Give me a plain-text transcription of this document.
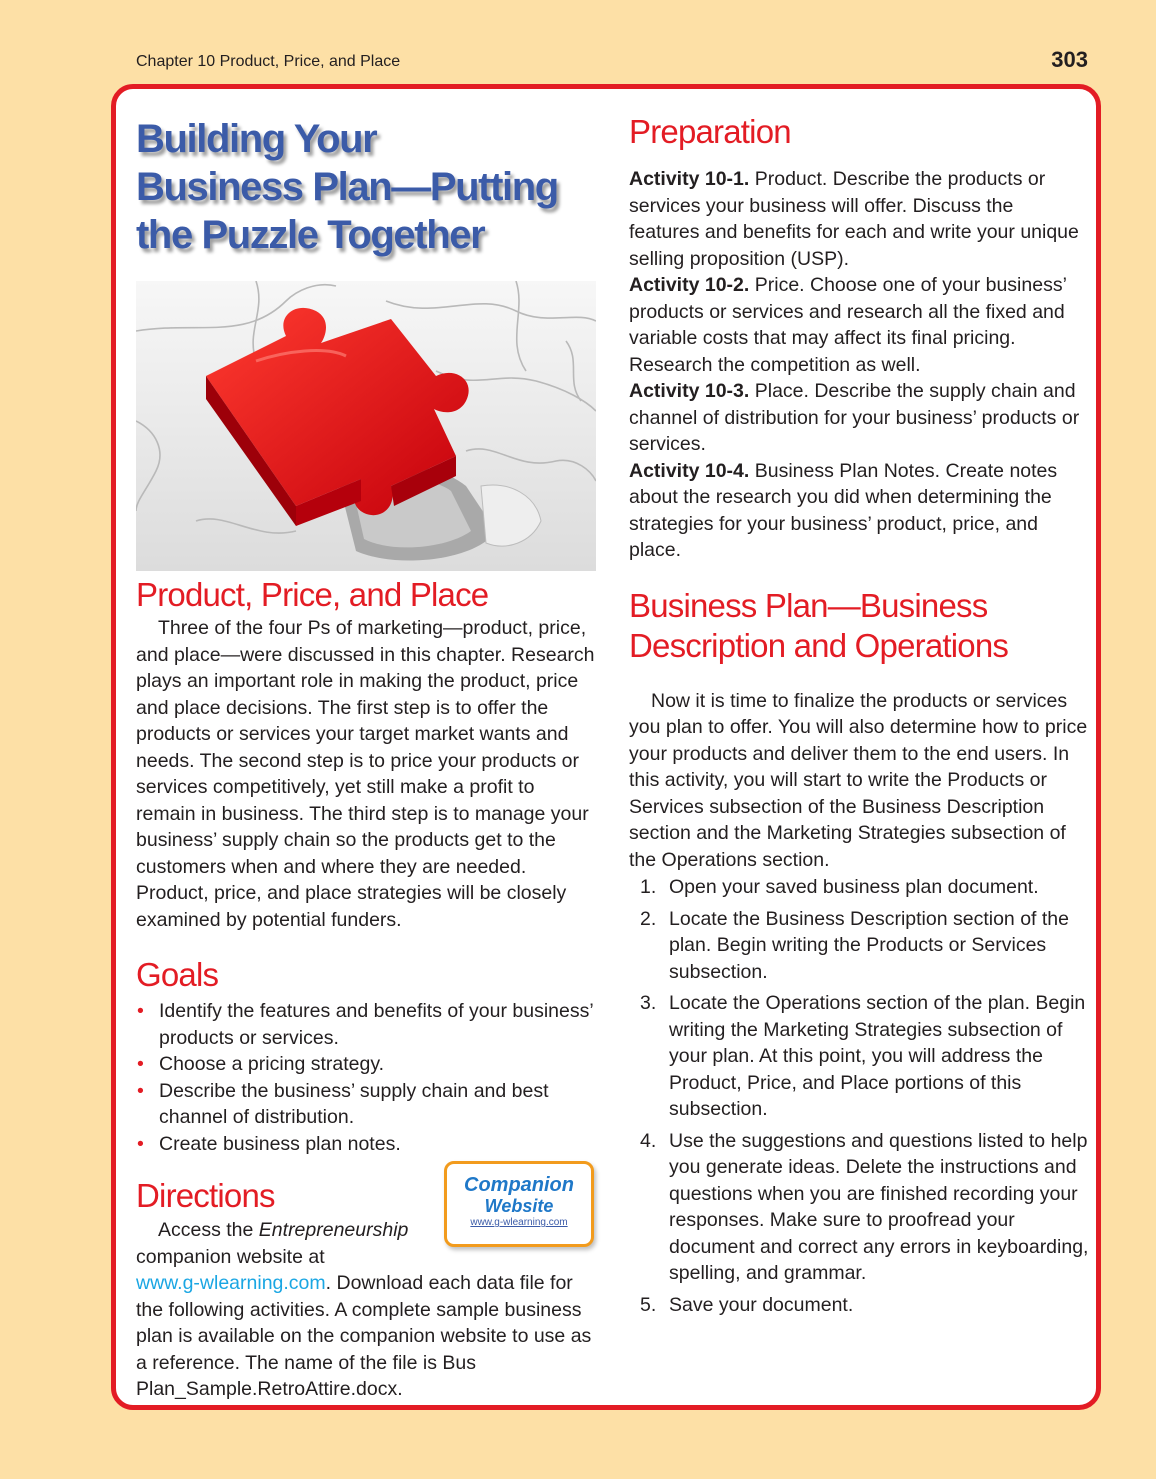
Chapter 10 Product, Price, and Place	303
Building Your
Business Plan—Putting
the Puzzle Together
Product, Price, and Place

Three of the four Ps of marketing—product, price, and place—were discussed in this chapter. Research plays an important role in making the product, price and place decisions. The first step is to offer the products or services your target market wants and needs. The second step is to price your products or services competitively, yet still make a profit to remain in business. The third step is to manage your business’ supply chain so the products get to the customers when and where they are needed. Product, price, and place strategies will be closely examined by potential funders.

Goals
• Identify the features and benefits of your business’ products or services.
• Choose a pricing strategy.
• Describe the business’ supply chain and best channel of distribution.
• Create business plan notes.
Directions

Access the Entrepreneurship companion website at

www.g-wlearning.com. Download each data file for the following activities. A complete sample business plan is available on the companion website to use as a reference. The name of the file is Bus Plan_Sample.RetroAttire.docx.

Companion
Website
www.g-wlearning.com
Preparation

Activity 10-1. Product. Describe the products or services your business will offer. Discuss the features and benefits for each and write your unique selling proposition (USP).

Activity 10-2. Price. Choose one of your business’ products or services and research all the fixed and variable costs that may affect its final pricing. Research the competition as well.

Activity 10-3. Place. Describe the supply chain and channel of distribution for your business’ products or services.

Activity 10-4. Business Plan Notes. Create notes about the research you did when determining the strategies for your business’ product, price, and place.

Business Plan—Business
Description and Operations

Now it is time to finalize the products or services you plan to offer. You will also determine how to price your products and deliver them to the end users. In this activity, you will start to write the Products or Services subsection of the Business Description section and the Marketing Strategies subsection of the Operations section.

1. Open your saved business plan document.
2. Locate the Business Description section of the plan. Begin writing the Products or Services subsection.
3. Locate the Operations section of the plan. Begin writing the Marketing Strategies subsection of your plan. At this point, you will address the Product, Price, and Place portions of this subsection.
4. Use the suggestions and questions listed to help you generate ideas. Delete the instructions and questions when you are finished recording your responses. Make sure to proofread your document and correct any errors in keyboarding, spelling, and grammar.
5. Save your document.
